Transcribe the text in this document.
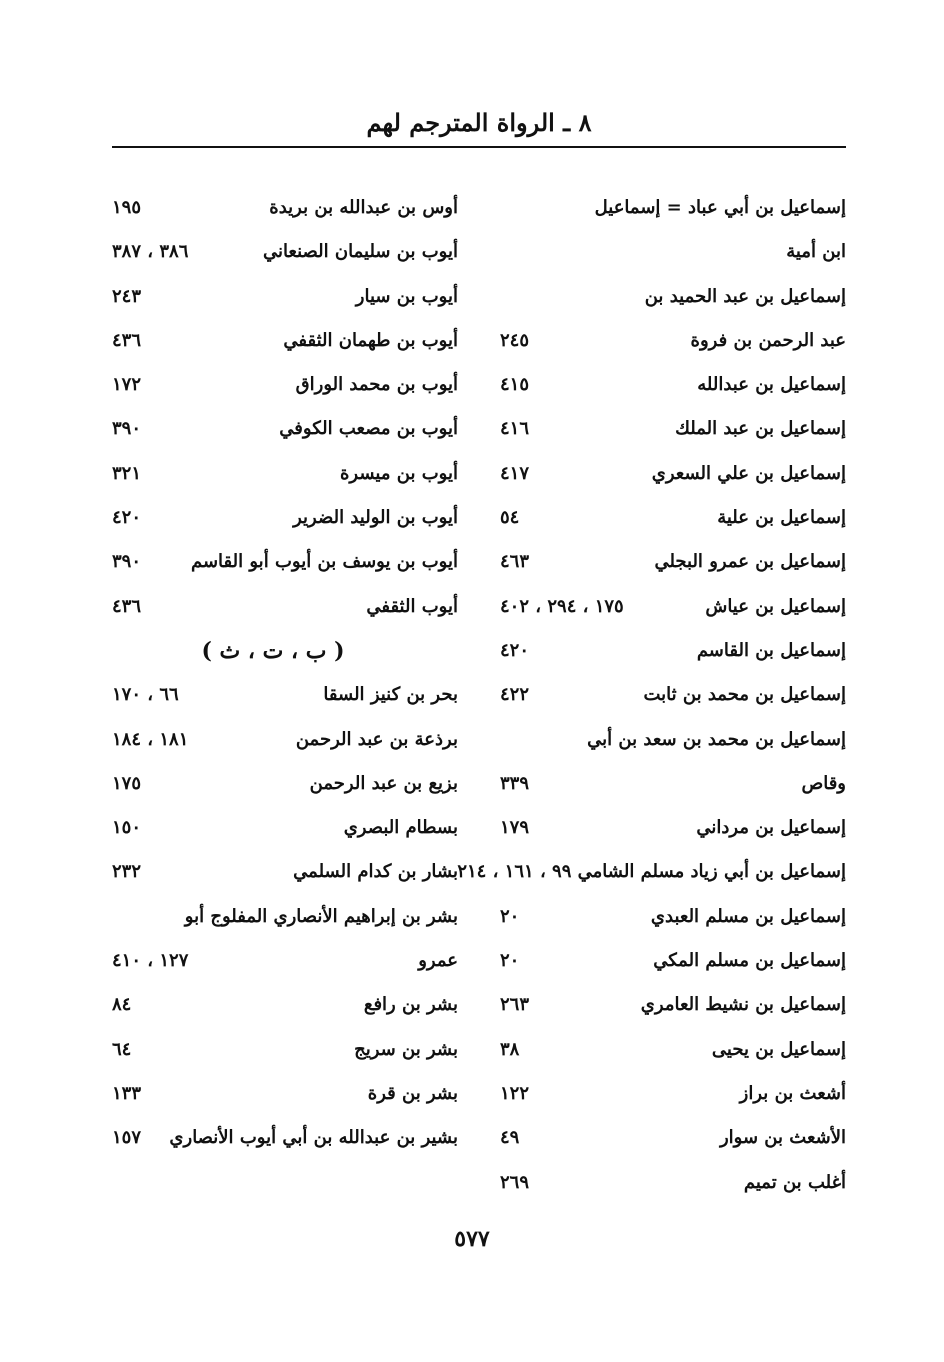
٨ ـ الرواة المترجم لهم
إسماعيل بن أبي عباد = إسماعيل
ابن أمية
إسماعيل بن عبد الحميد بن
عبد الرحمن بن فروة
٢٤٥
إسماعيل بن عبدالله
٤١٥
إسماعيل بن عبد الملك
٤١٦
إسماعيل بن علي السعري
٤١٧
إسماعيل بن علية
٥٤
إسماعيل بن عمرو البجلي
٤٦٣
إسماعيل بن عياش
١٧٥ ، ٢٩٤ ، ٤٠٢
إسماعيل بن القاسم
٤٢٠
إسماعيل بن محمد بن ثابت
٤٢٢
إسماعيل بن محمد بن سعد بن أبي
وقاص
٣٣٩
إسماعيل بن مرداني
١٧٩
إسماعيل بن أبي زياد مسلم الشامي ٩٩ ، ١٦١ ، ٢١٤
إسماعيل بن مسلم العبدي
٢٠
إسماعيل بن مسلم المكي
٢٠
إسماعيل بن نشيط العامري
٢٦٣
إسماعيل بن يحيى
٣٨
أشعث بن براز
١٢٢
الأشعث بن سوار
٤٩
أغلب بن تميم
٢٦٩
أوس بن عبدالله بن بريدة
١٩٥
أيوب بن سليمان الصنعاني
٣٨٦ ، ٣٨٧
أيوب بن سيار
٢٤٣
أيوب بن طهمان الثقفي
٤٣٦
أيوب بن محمد الوراق
١٧٢
أيوب بن مصعب الكوفي
٣٩٠
أيوب بن ميسرة
٣٢١
أيوب بن الوليد الضرير
٤٢٠
أيوب بن يوسف بن أيوب أبو القاسم
٣٩٠
أيوب الثقفي
٤٣٦
( ب ، ت ، ث )
بحر بن كنيز السقا
٦٦ ، ١٧٠
برذعة بن عبد الرحمن
١٨١ ، ١٨٤
بزيع بن عبد الرحمن
١٧٥
بسطام البصري
١٥٠
بشار بن كدام السلمي
٢٣٢
بشر بن إبراهيم الأنصاري المفلوج أبو
عمرو
١٢٧ ، ٤١٠
بشر بن رافع
٨٤
بشر بن سريج
٦٤
بشر بن قرة
١٣٣
بشير بن عبدالله بن أبي أيوب الأنصاري
١٥٧
٥٧٧
